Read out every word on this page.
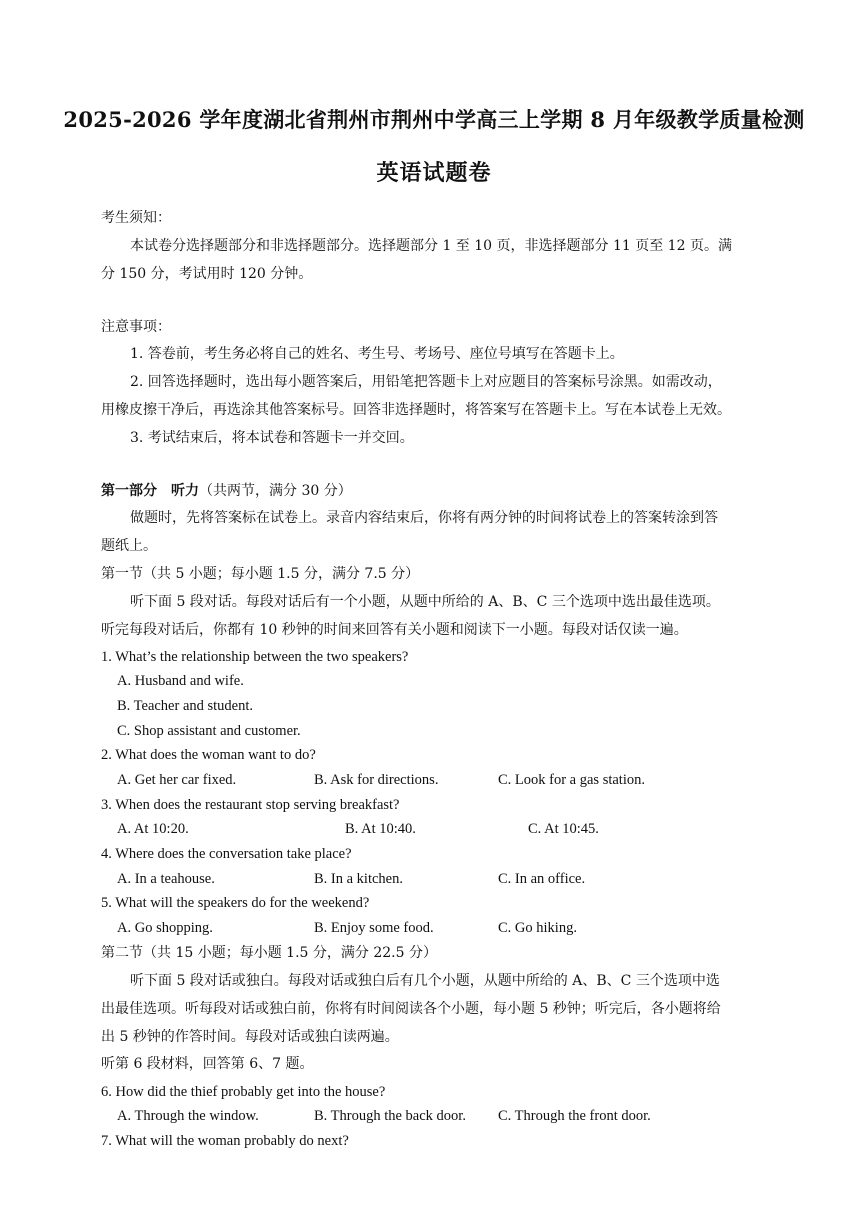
2025-2026 学年度湖北省荆州市荆州中学高三上学期 8 月年级教学质量检测
英语试题卷
考生须知：
本试卷分选择题部分和非选择题部分。选择题部分 1 至 10 页，非选择题部分 11 页至 12 页。满
分 150 分，考试用时 120 分钟。
注意事项：
1. 答卷前，考生务必将自己的姓名、考生号、考场号、座位号填写在答题卡上。
2. 回答选择题时，选出每小题答案后，用铅笔把答题卡上对应题目的答案标号涂黑。如需改动，
用橡皮擦干净后，再选涂其他答案标号。回答非选择题时，将答案写在答题卡上。写在本试卷上无效。
3. 考试结束后，将本试卷和答题卡一并交回。
第一部分　听力（共两节，满分 30 分）
做题时，先将答案标在试卷上。录音内容结束后，你将有两分钟的时间将试卷上的答案转涂到答
题纸上。
第一节（共 5 小题；每小题 1.5 分，满分 7.5 分）
听下面 5 段对话。每段对话后有一个小题，从题中所给的 A、B、C 三个选项中选出最佳选项。
听完每段对话后，你都有 10 秒钟的时间来回答有关小题和阅读下一小题。每段对话仅读一遍。
1. What’s the relationship between the two speakers?
A. Husband and wife.
B. Teacher and student.
C. Shop assistant and customer.
2. What does the woman want to do?
A. Get her car fixed.	B. Ask for directions.	C. Look for a gas station.
3. When does the restaurant stop serving breakfast?
A. At 10:20.	B. At 10:40.	C. At 10:45.
4. Where does the conversation take place?
A. In a teahouse.	B. In a kitchen.	C. In an office.
5. What will the speakers do for the weekend?
A. Go shopping.	B. Enjoy some food.	C. Go hiking.
第二节（共 15 小题；每小题 1.5 分，满分 22.5 分）
听下面 5 段对话或独白。每段对话或独白后有几个小题，从题中所给的 A、B、C 三个选项中选
出最佳选项。听每段对话或独白前，你将有时间阅读各个小题，每小题 5 秒钟；听完后，各小题将给
出 5 秒钟的作答时间。每段对话或独白读两遍。
听第 6 段材料，回答第 6、7 题。
6. How did the thief probably get into the house?
A. Through the window.	B. Through the back door. C. Through the front door.
7. What will the woman probably do next?
